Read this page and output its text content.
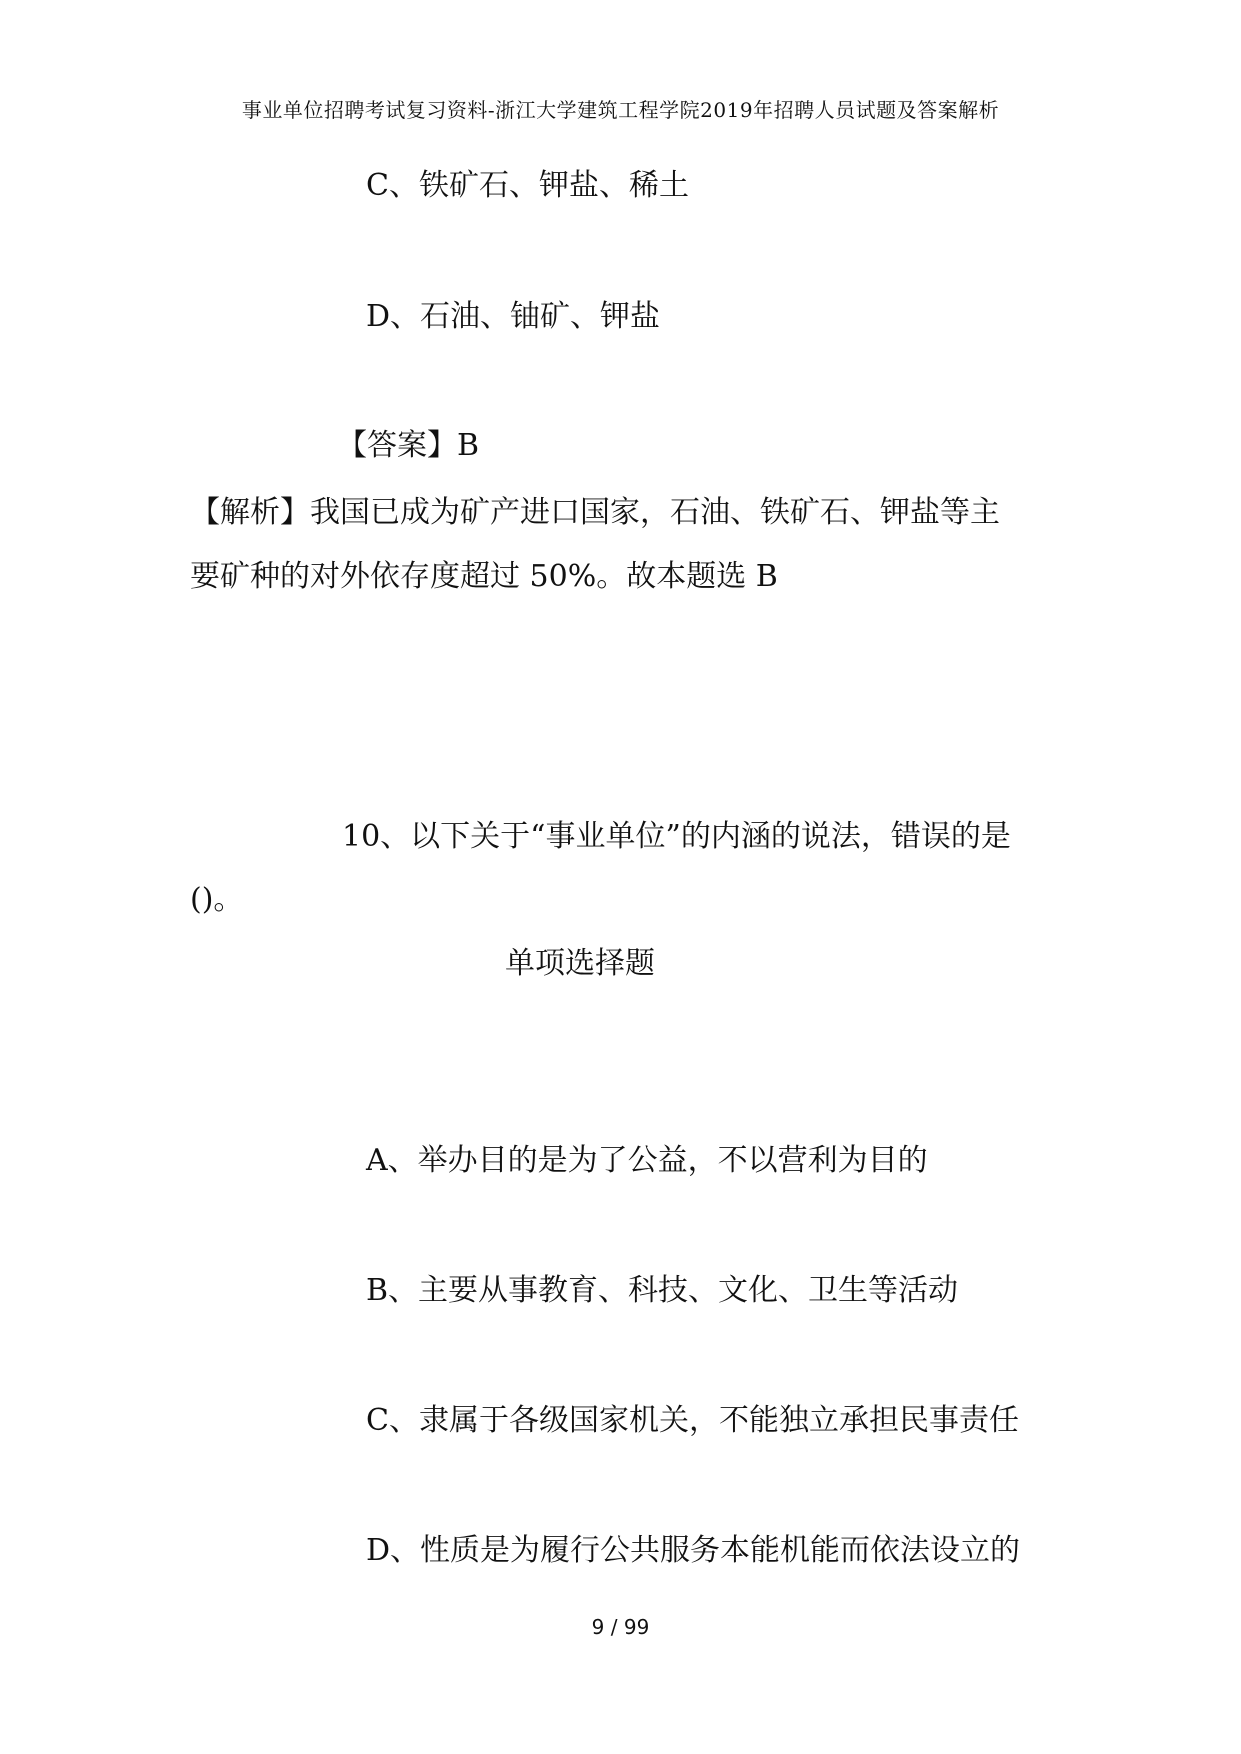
事业单位招聘考试复习资料-浙江大学建筑工程学院2019年招聘人员试题及答案解析
C、铁矿石、钾盐、稀土
D、石油、铀矿、钾盐
【答案】B
【解析】我国已成为矿产进口国家，石油、铁矿石、钾盐等主
要矿种的对外依存度超过 50%。故本题选 B
10、以下关于“事业单位”的内涵的说法，错误的是
()。
单项选择题
A、举办目的是为了公益，不以营利为目的
B、主要从事教育、科技、文化、卫生等活动
C、隶属于各级国家机关，不能独立承担民事责任
D、性质是为履行公共服务本能机能而依法设立的
9 / 99
